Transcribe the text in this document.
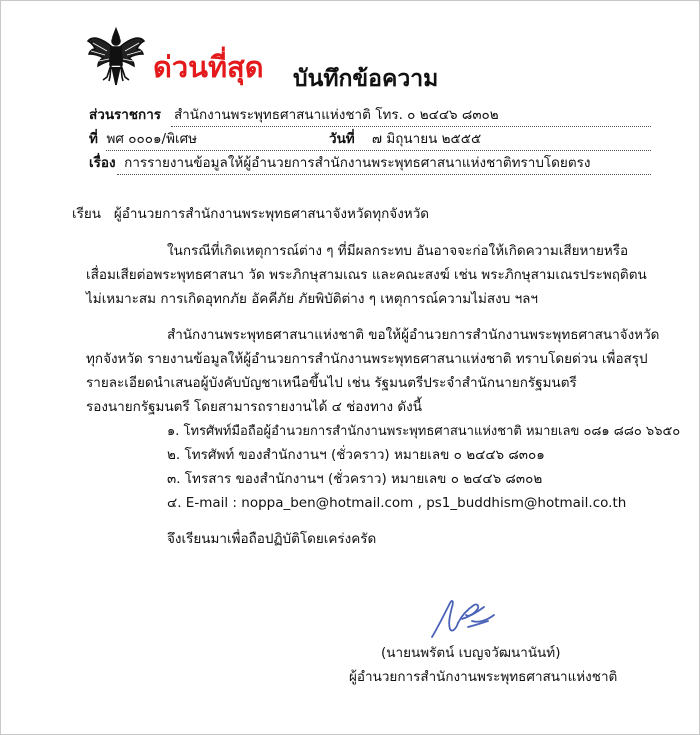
ด่วนที่สุด บันทึกข้อความ
ส่วนราชการ สำนักงานพระพุทธศาสนาแห่งชาติ โทร. ๐ ๒๔๔๖ ๘๓๐๒
ที่ พศ ๐๐๐๑/พิเศษ	วันที่ ๗ มิถุนายน ๒๕๕๕
เรื่อง การรายงานข้อมูลให้ผู้อำนวยการสำนักงานพระพุทธศาสนาแห่งชาติทราบโดยตรง
เรียน ผู้อำนวยการสำนักงานพระพุทธศาสนาจังหวัดทุกจังหวัด
ในกรณีที่เกิดเหตุการณ์ต่าง ๆ ที่มีผลกระทบ อันอาจจะก่อให้เกิดความเสียหายหรือ
เสื่อมเสียต่อพระพุทธศาสนา วัด พระภิกษุสามเณร และคณะสงฆ์ เช่น พระภิกษุสามเณรประพฤติตน
ไม่เหมาะสม การเกิดอุทกภัย อัคคีภัย ภัยพิบัติต่าง ๆ เหตุการณ์ความไม่สงบ ฯลฯ
สำนักงานพระพุทธศาสนาแห่งชาติ ขอให้ผู้อำนวยการสำนักงานพระพุทธศาสนาจังหวัด
ทุกจังหวัด รายงานข้อมูลให้ผู้อำนวยการสำนักงานพระพุทธศาสนาแห่งชาติ ทราบโดยด่วน เพื่อสรุป
รายละเอียดนำเสนอผู้บังคับบัญชาเหนือขึ้นไป เช่น รัฐมนตรีประจำสำนักนายกรัฐมนตรี
รองนายกรัฐมนตรี โดยสามารถรายงานได้ ๔ ช่องทาง ดังนี้
๑. โทรศัพท์มือถือผู้อำนวยการสำนักงานพระพุทธศาสนาแห่งชาติ หมายเลข ๐๘๑ ๘๘๐ ๖๖๕๐
๒. โทรศัพท์ ของสำนักงานฯ (ชั่วคราว) หมายเลข ๐ ๒๔๔๖ ๘๓๐๑
๓. โทรสาร ของสำนักงานฯ (ชั่วคราว) หมายเลข ๐ ๒๔๔๖ ๘๓๐๒
๔. E-mail : noppa_ben@hotmail.com , ps1_buddhism@hotmail.co.th
จึงเรียนมาเพื่อถือปฏิบัติโดยเคร่งครัด
(นายนพรัตน์ เบญจวัฒนานันท์)
ผู้อำนวยการสำนักงานพระพุทธศาสนาแห่งชาติ
